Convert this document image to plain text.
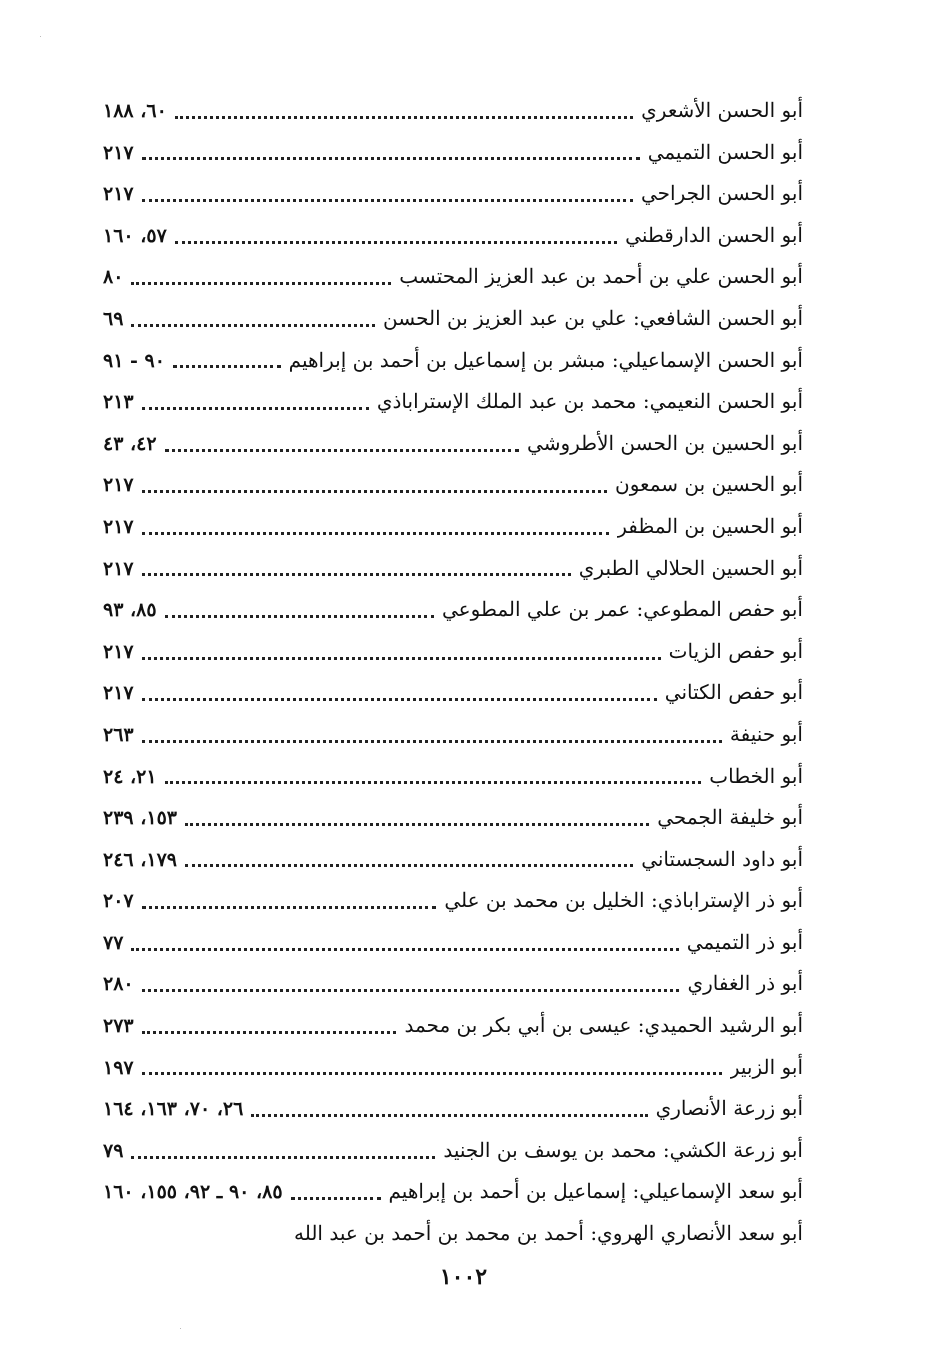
أبو الحسن الأشعري
٦٠، ١٨٨
أبو الحسن التميمي
٢١٧
أبو الحسن الجراحي
٢١٧
أبو الحسن الدارقطني
٥٧، ١٦٠
أبو الحسن علي بن أحمد بن عبد العزيز المحتسب
٨٠
أبو الحسن الشافعي: علي بن عبد العزيز بن الحسن
٦٩
أبو الحسن الإسماعيلي: مبشر بن إسماعيل بن أحمد بن إبراهيم
٩٠ - ٩١
أبو الحسن النعيمي: محمد بن عبد الملك الإستراباذي
٢١٣
أبو الحسين بن الحسن الأطروشي
٤٢، ٤٣
أبو الحسين بن سمعون
٢١٧
أبو الحسين بن المظفر
٢١٧
أبو الحسين الحلالي الطبري
٢١٧
أبو حفص المطوعي: عمر بن علي المطوعي
٨٥، ٩٣
أبو حفص الزيات
٢١٧
أبو حفص الكتاني
٢١٧
أبو حنيفة
٢٦٣
أبو الخطاب
٢١، ٢٤
أبو خليفة الجمحي
١٥٣، ٢٣٩
أبو داود السجستاني
١٧٩، ٢٤٦
أبو ذر الإستراباذي: الخليل بن محمد بن علي
٢٠٧
أبو ذر التميمي
٧٧
أبو ذر الغفاري
٢٨٠
أبو الرشيد الحميدي: عيسى بن أبي بكر بن محمد
٢٧٣
أبو الزبير
١٩٧
أبو زرعة الأنصاري
٢٦، ٧٠، ١٦٣، ١٦٤
أبو زرعة الكشي: محمد بن يوسف بن الجنيد
٧٩
أبو سعد الإسماعيلي: إسماعيل بن أحمد بن إبراهيم
٨٥، ٩٠ ـ ٩٢، ١٥٥، ١٦٠
أبو سعد الأنصاري الهروي: أحمد بن محمد بن أحمد بن عبد الله
١٠٠٢
